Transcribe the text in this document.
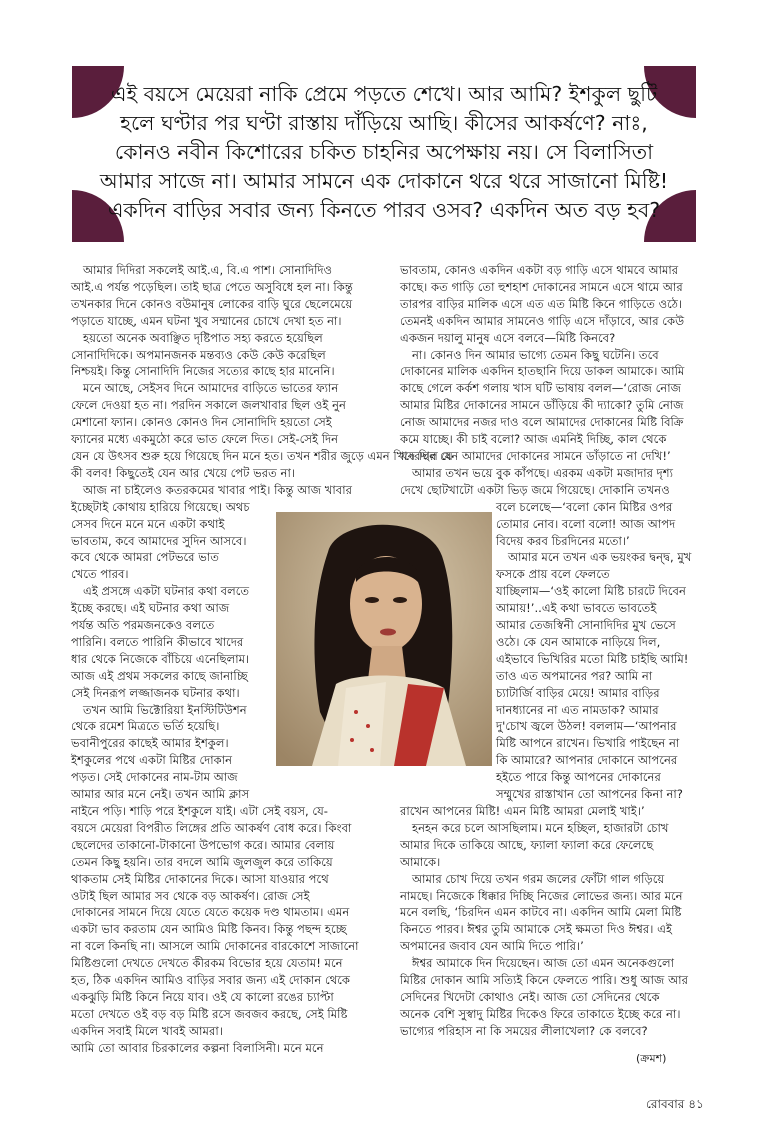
এই বয়সে মেয়েরা নাকি প্রেমে পড়তে শেখে। আর আমি? ইশকুল ছুটি
হলে ঘণ্টার পর ঘণ্টা রাস্তায় দাঁড়িয়ে আছি। কীসের আকর্ষণে? নাঃ,
কোনও নবীন কিশোরের চকিত চাহনির অপেক্ষায় নয়। সে বিলাসিতা
আমার সাজে না। আমার সামনে এক দোকানে থরে থরে সাজানো মিষ্টি!
একদিন বাড়ির সবার জন্য কিনতে পারব ওসব? একদিন অত বড় হব?
আমার দিদিরা সকলেই আই.এ, বি.এ পাশ। সোনাদিদিও
আই.এ পর্যন্ত পড়েছিল। তাই ছাত্র পেতে অসুবিধে হল না। কিন্তু
তখনকার দিনে কোনও বউমানুষ লোকের বাড়ি ঘুরে ছেলেমেয়ে
পড়াতে যাচ্ছে, এমন ঘটনা খুব সম্মানের চোখে দেখা হত না।
হয়তো অনেক অবাঞ্ছিত দৃষ্টিপাত সহ্য করতে হয়েছিল
সোনাদিদিকে। অপমানজনক মন্তব্যও কেউ কেউ করেছিল
নিশ্চয়ই। কিন্তু সোনাদিদি নিজের সত্যের কাছে হার মানেনি।
মনে আছে, সেইসব দিনে আমাদের বাড়িতে ভাতের ফ্যান
ফেলে দেওয়া হত না। পরদিন সকালে জলখাবার ছিল ওই নুন
মেশানো ফ্যান। কোনও কোনও দিন সোনাদিদি হয়তো সেই
ফ্যানের মধ্যে একমুঠো করে ভাত ফেলে দিত। সেই-সেই দিন
যেন যে উৎসব শুরু হয়ে গিয়েছে দিন মনে হত। তখন শরীর জুড়ে এমন খিদে ছিল যে
কী বলব! কিছুতেই যেন আর খেয়ে পেট ভরত না।
আজ না চাইলেও কতরকমের খাবার পাই। কিন্তু আজ খাবার
ইচ্ছেটাই কোথায় হারিয়ে গিয়েছে। অথচ
সেসব দিনে মনে মনে একটা কথাই
ভাবতাম, কবে আমাদের সুদিন আসবে।
কবে থেকে আমরা পেটভরে ভাত
খেতে পারব।
এই প্রসঙ্গে একটা ঘটনার কথা বলতে
ইচ্ছে করছে। এই ঘটনার কথা আজ
পর্যন্ত অতি পরমজনকেও বলতে
পারিনি। বলতে পারিনি কীভাবে খাদের
ধার থেকে নিজেকে বাঁচিয়ে এনেছিলাম।
আজ এই প্রথম সকলের কাছে জানাচ্ছি
সেই দিনরূপ লজ্জাজনক ঘটনার কথা।
তখন আমি ভিক্টোরিয়া ইনস্টিটিউশন
থেকে রমেশ মিত্রতে ভর্তি হয়েছি।
ভবানীপুরের কাছেই আমার ইশকুল।
ইশকুলের পথে একটা মিষ্টির দোকান
পড়ত। সেই দোকানের নাম-টাম আজ
আমার আর মনে নেই। তখন আমি ক্লাস
নাইনে পড়ি। শাড়ি পরে ইশকুলে যাই। এটা সেই বয়স, যে-
বয়সে মেয়েরা বিপরীত লিঙ্গের প্রতি আকর্ষণ বোধ করে। কিংবা
ছেলেদের তাকানো-টাকানো উপভোগ করে। আমার বেলায়
তেমন কিছু হয়নি। তার বদলে আমি জুলজুল করে তাকিয়ে
থাকতাম সেই মিষ্টির দোকানের দিকে। আসা যাওয়ার পথে
ওটাই ছিল আমার সব থেকে বড় আকর্ষণ। রোজ সেই
দোকানের সামনে দিয়ে যেতে যেতে কয়েক দণ্ড থামতাম। এমন
একটা ভাব করতাম যেন আমিও মিষ্টি কিনব। কিন্তু পছন্দ হচ্ছে
না বলে কিনছি না। আসলে আমি দোকানের বারকোশে সাজানো
মিষ্টিগুলো দেখতে দেখতে কীরকম বিভোর হয়ে যেতাম! মনে
হত, ঠিক একদিন আমিও বাড়ির সবার জন্য এই দোকান থেকে
একঝুড়ি মিষ্টি কিনে নিয়ে যাব। ওই যে কালো রঙের চ্যাপ্টা
মতো দেখতে ওই বড় বড় মিষ্টি রসে জবজব করছে, সেই মিষ্টি
একদিন সবাই মিলে খাবই আমরা।
আমি তো আবার চিরকালের কল্পনা বিলাসিনী। মনে মনে
ভাবতাম, কোনও একদিন একটা বড় গাড়ি এসে থামবে আমার
কাছে। কত গাড়ি তো হুশহাশ দোকানের সামনে এসে থামে আর
তারপর বাড়ির মালিক এসে এত এত মিষ্টি কিনে গাড়িতে ওঠে।
তেমনই একদিন আমার সামনেও গাড়ি এসে দাঁড়াবে, আর কেউ
একজন দয়ালু মানুষ এসে বলবে—মিষ্টি কিনবে?
না। কোনও দিন আমার ভাগ্যে তেমন কিছু ঘটেনি। তবে
দোকানের মালিক একদিন হাতছানি দিয়ে ডাকল আমাকে। আমি
কাছে গেলে কর্কশ গলায় খাস ঘটি ভাষায় বলল—‘রোজ নোজ
আমার মিষ্টির দোকানের সামনে ডাঁড়িয়ে কী দ্যাকো? তুমি নোজ
নোজ আমাদের নজর দাও বলে আমাদের দোকানের মিষ্টি বিক্রি
কমে যাচ্ছে। কী চাই বলো? আজ এমনিই দিচ্ছি, কাল থেকে
খবরদার যেন আমাদের দোকানের সামনে ডাঁড়াতে না দেখি!’
আমার তখন ভয়ে বুক কাঁপছে। এরকম একটা মজাদার দৃশ্য
দেখে ছোটখাটো একটা ভিড় জমে গিয়েছে। দোকানি তখনও
বলে চলেছে—‘বলো কোন মিষ্টির ওপর
তোমার নোব। বলো বলো! আজ আপদ
বিদেয় করব চিরদিনের মতো।’
আমার মনে তখন এক ভয়ংকর দ্বন্দ্ব, মুখ
ফসকে প্রায় বলে ফেলতে
যাচ্ছিলাম—‘ওই কালো মিষ্টি চারটে দিবেন
আমায়!’..এই কথা ভাবতে ভাবতেই
আমার তেজস্বিনী সোনাদিদির মুখ ভেসে
ওঠে। কে যেন আমাকে নাড়িয়ে দিল,
এইভাবে ভিখিরির মতো মিষ্টি চাইছি আমি!
তাও এত অপমানের পর? আমি না
চ্যাটার্জি বাড়ির মেয়ে! আমার বাড়ির
দানধ্যানের না এত নামডাক? আমার
দু'চোখ জ্বলে উঠল! বললাম—‘আপনার
মিষ্টি আপনে রাখেন। ভিখারি পাইছেন না
কি আমারে? আপনার দোকানে আপনের
হইতে পারে কিন্তু আপনের দোকানের
সম্মুখের রাস্তাখান তো আপনের কিনা না?
রাখেন আপনের মিষ্টি! এমন মিষ্টি আমরা মেলাই খাই।’
হনহন করে চলে আসছিলাম। মনে হচ্ছিল, হাজারটা চোখ
আমার দিকে তাকিয়ে আছে, ফ্যালা ফ্যালা করে ফেলেছে
আমাকে।
আমার চোখ দিয়ে তখন গরম জলের ফোঁটা গাল গড়িয়ে
নামছে। নিজেকে ধিক্কার দিচ্ছি নিজের লোভের জন্য। আর মনে
মনে বলছি, ‘চিরদিন এমন কাটবে না। একদিন আমি মেলা মিষ্টি
কিনতে পারব। ঈশ্বর তুমি আমাকে সেই ক্ষমতা দিও ঈশ্বর। এই
অপমানের জবাব যেন আমি দিতে পারি।’
ঈশ্বর আমাকে দিন দিয়েছেন। আজ তো এমন অনেকগুলো
মিষ্টির দোকান আমি সত্যিই কিনে ফেলতে পারি। শুধু আজ আর
সেদিনের খিদেটা কোথাও নেই। আজ তো সেদিনের থেকে
অনেক বেশি সুস্বাদু মিষ্টির দিকেও ফিরে তাকাতে ইচ্ছে করে না।
ভাগ্যের পরিহাস না কি সময়ের লীলাখেলা? কে বলবে?
(ক্রমশ)
রোববার ৪১
